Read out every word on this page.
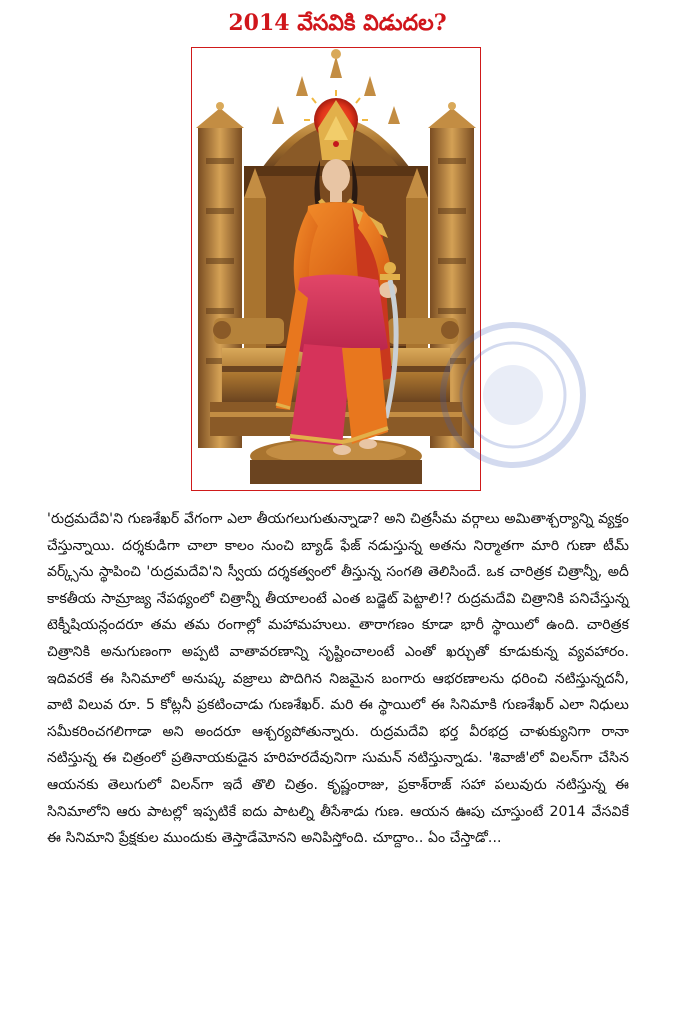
2014 వేసవికి విడుదల?

'రుద్రమదేవి'ని గుణశేఖర్ వేగంగా ఎలా తీయగలుగుతున్నాడా? అని చిత్రసీమ వర్గాలు అమితాశ్చర్యాన్ని వ్యక్తం చేస్తున్నాయి. దర్శకుడిగా చాలా కాలం నుంచి బ్యాడ్ ఫేజ్ నడుస్తున్న అతను నిర్మాతగా మారి గుణా టీమ్ వర్క్స్‌ను స్థాపించి 'రుద్రమదేవి'ని స్వీయ దర్శకత్వంలో తీస్తున్న సంగతి తెలిసిందే. ఒక చారిత్రక చిత్రాన్నీ, అదీ కాకతీయ సామ్రాజ్య నేపథ్యంలో చిత్రాన్నీ తీయాలంటే ఎంత బడ్జెట్ పెట్టాలి!? రుద్రమదేవి చిత్రానికి పనిచేస్తున్న టెక్నీషియన్లందరూ తమ తమ రంగాల్లో మహామహులు. తారాగణం కూడా భారీ స్థాయిలో ఉంది. చారిత్రక చిత్రానికి అనుగుణంగా అప్పటి వాతావరణాన్ని సృష్టించాలంటే ఎంతో ఖర్చుతో కూడుకున్న వ్యవహారం. ఇదివరకే ఈ సినిమాలో అనుష్క వజ్రాలు పొదిగిన నిజమైన బంగారు ఆభరణాలను ధరించి నటిస్తున్నదనీ, వాటి విలువ రూ. 5 కోట్లనీ ప్రకటించాడు గుణశేఖర్. మరి ఈ స్థాయిలో ఈ సినిమాకి గుణశేఖర్ ఎలా నిధులు సమీకరించగలిగాడా అని అందరూ ఆశ్చర్యపోతున్నారు. రుద్రమదేవి భర్త వీరభద్ర చాళుక్యునిగా రానా నటిస్తున్న ఈ చిత్రంలో ప్రతినాయకుడైన హరిహరదేవునిగా సుమన్ నటిస్తున్నాడు. 'శివాజీ'లో విలన్‌గా చేసిన ఆయనకు తెలుగులో విలన్‌గా ఇదే తొలి చిత్రం. కృష్ణంరాజు, ప్రకాశ్‌రాజ్ సహా పలువురు నటిస్తున్న ఈ సినిమాలోని ఆరు పాటల్లో ఇప్పటికే ఐదు పాటల్ని తీసేశాడు గుణ. ఆయన ఊపు చూస్తుంటే 2014 వేసవికే ఈ సినిమాని ప్రేక్షకుల ముందుకు తెస్తాడేమోనని అనిపిస్తోంది. చూద్దాం.. ఏం చేస్తాడో...
